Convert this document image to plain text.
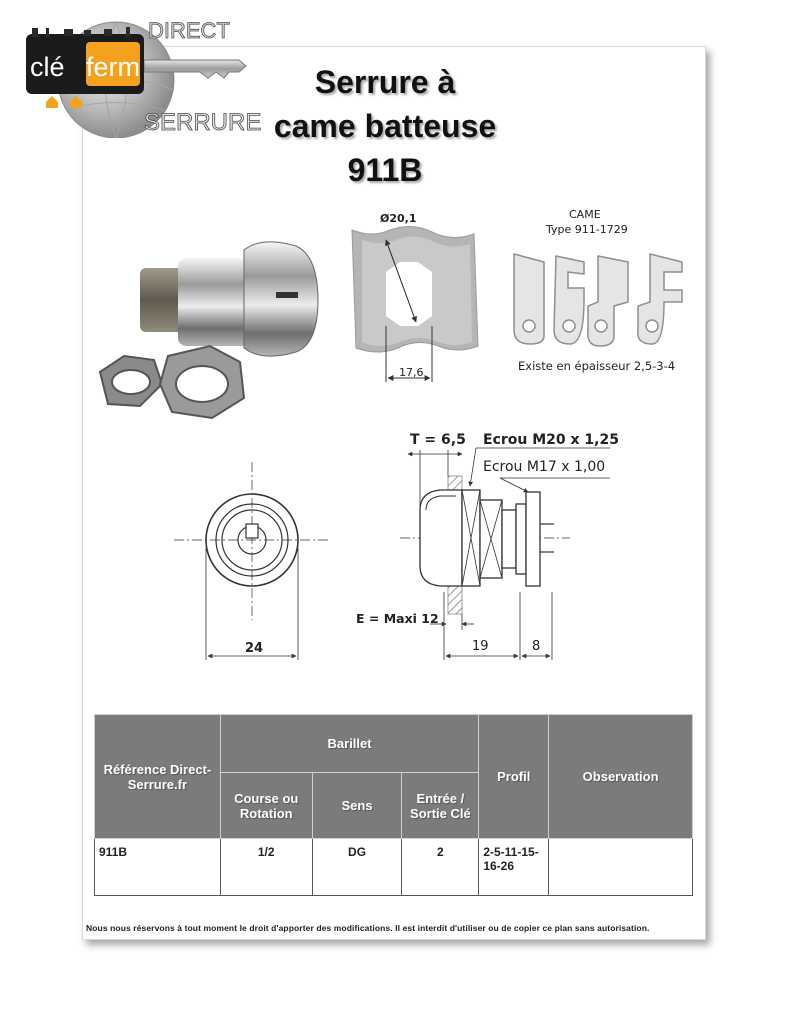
clé ferm
DIRECT
SERRURE
Serrure à
came batteuse
911B
Ø20,1
17,6
CAME
Type 911-1729
Existe en épaisseur 2,5-3-4
T = 6,5 Ecrou M20 x 1,25
Ecrou M17 x 1,00
E = Maxi 12
19	8
24
Référence Direct-Serrure.fr	Barillet			Profil	Observation
	Course ou Rotation	Sens	Entrée / Sortie Clé		
911B	1/2	DG	2	2-5-11-15-16-26	
Nous nous réservons à tout moment le droit d'apporter des modifications. Il est interdit d'utiliser ou de copier ce plan sans autorisation.
